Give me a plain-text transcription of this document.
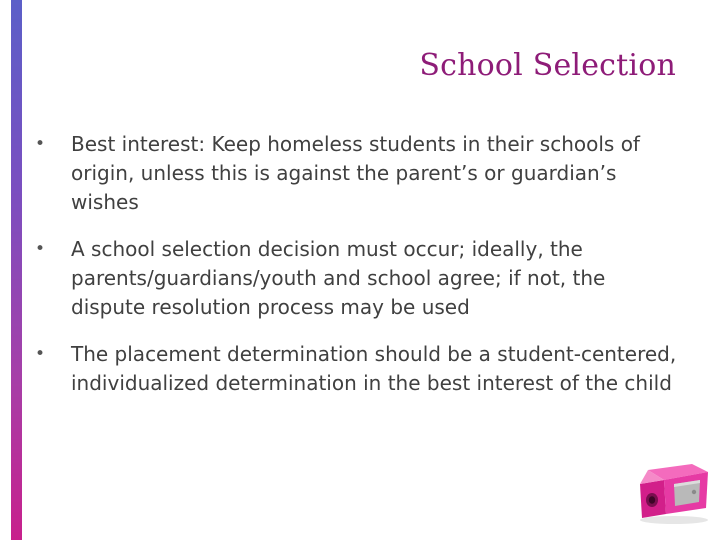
School Selection
• Best interest: Keep homeless students in their schools of origin, unless this is against the parent’s or guardian’s wishes
• A school selection decision must occur; ideally, the parents/guardians/youth and school agree; if not, the dispute resolution process may be used
• The placement determination should be a student-centered, individualized determination in the best interest of the child
